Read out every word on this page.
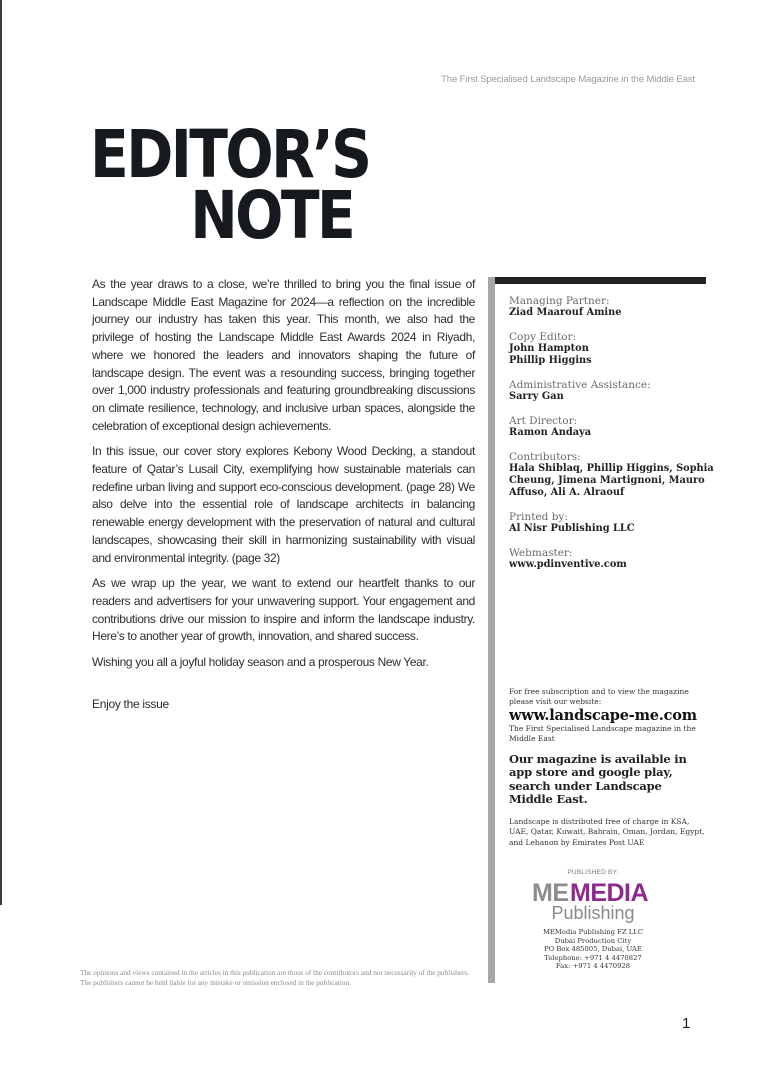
The First Specialised Landscape Magazine in the Middle East
EDITOR’S
NOTE

As the year draws to a close, we’re thrilled to bring you the final issue of Landscape Middle East Magazine for 2024—a reflection on the incredible journey our industry has taken this year. This month, we also had the privilege of hosting the Landscape Middle East Awards 2024 in Riyadh, where we honored the leaders and innovators shaping the future of landscape design. The event was a resounding success, bringing together over 1,000 industry professionals and featuring groundbreaking discussions on climate resilience, technology, and inclusive urban spaces, alongside the celebration of exceptional design achievements.

In this issue, our cover story explores Kebony Wood Decking, a standout feature of Qatar’s Lusail City, exemplifying how sustainable materials can redefine urban living and support eco-conscious development. (page 28) We also delve into the essential role of landscape architects in balancing renewable energy development with the preservation of natural and cultural landscapes, showcasing their skill in harmonizing sustainability with visual and environmental integrity. (page 32)

As we wrap up the year, we want to extend our heartfelt thanks to our readers and advertisers for your unwavering support. Your engagement and contributions drive our mission to inspire and inform the landscape industry. Here’s to another year of growth, innovation, and shared success.

Wishing you all a joyful holiday season and a prosperous New Year.

Enjoy the issue
The opinions and views contained in the articles in this publication are those of the contributors and not necessarily of the publishers. The publishers cannot be held liable for any mistake or omission enclosed in the publication.

Managing Partner:

Ziad Maarouf Amine

Copy Editor:

John Hampton
Phillip Higgins

Administrative Assistance:

Sarry Gan

Art Director:

Ramon Andaya

Contributors:

Hala Shiblaq, Phillip Higgins, Sophia Cheung, Jimena Martignoni, Mauro Affuso, Ali A. Alraouf

Printed by:

Al Nisr Publishing LLC

Webmaster:

www.pdinventive.com

For free subscription and to view the magazine please visit our website:
www.landscape-me.com
The First Specialised Landscape magazine in the Middle East
Our magazine is available in app store and google play, search under Landscape Middle East.
Landscape is distributed free of charge in KSA, UAE, Qatar, Kuwait, Bahrain, Oman, Jordan, Egypt, and Lebanon by Emirates Post UAE
PUBLISHED BY:
ME MEDIA
Publishing
MEMedia Publishing FZ LLC
Dubai Production City
PO Box 485005, Dubai, UAE
Telephone: +971 4 4470827
Fax: +971 4 4470928
1
